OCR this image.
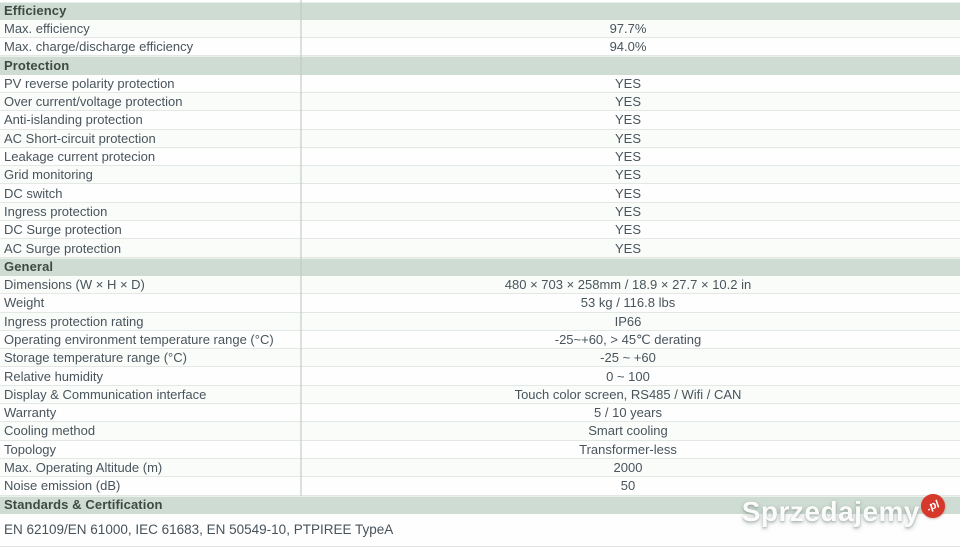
Efficiency
Max. efficiency	97.7%
Max. charge/discharge efficiency	94.0%
Protection
PV reverse polarity protection	YES
Over current/voltage protection	YES
Anti-islanding protection	YES
AC Short-circuit protection	YES
Leakage current protecion	YES
Grid monitoring	YES
DC switch	YES
Ingress protection	YES
DC Surge protection	YES
AC Surge protection	YES
General
Dimensions (W × H × D)	480 × 703 × 258mm / 18.9 × 27.7 × 10.2 in
Weight	53 kg / 116.8 lbs
Ingress protection rating	IP66
Operating environment temperature range (°C)	-25~+60, > 45℃ derating
Storage temperature range (°C)	-25 ~ +60
Relative humidity	0 ~ 100
Display & Communication interface	Touch color screen, RS485 / Wifi / CAN
Warranty	5 / 10 years
Cooling method	Smart cooling
Topology	Transformer-less
Max. Operating Altitude (m)	2000
Noise emission (dB)	50
Standards & Certification
EN 62109/EN 61000, IEC 61683, EN 50549-10, PTPIREE TypeA
Sprzedajemy .pl
